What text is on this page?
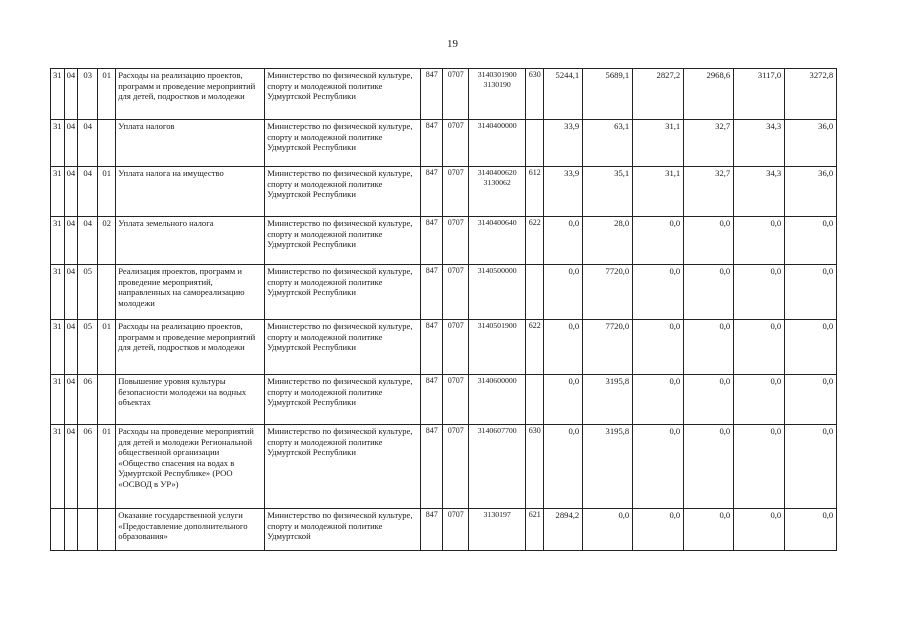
19
31	04	03	01	Расходы на реализацию проектов, программ и проведение мероприятий для детей, подростков и молодежи	Министерство по физической культуре, спорту и молодежной политике Удмуртской Республики	847	0707	3140301900 3130190	630	5244,1	5689,1	2827,2	2968,6	3117,0	3272,8
31	04	04		Уплата налогов	Министерство по физической культуре, спорту и молодежной политике Удмуртской Республики	847	0707	3140400000		33,9	63,1	31,1	32,7	34,3	36,0
31	04	04	01	Уплата налога на имущество	Министерство по физической культуре, спорту и молодежной политике Удмуртской Республики	847	0707	3140400620 3130062	612	33,9	35,1	31,1	32,7	34,3	36,0
31	04	04	02	Уплата земельного налога	Министерство по физической культуре, спорту и молодежной политике Удмуртской Республики	847	0707	3140400640	622	0,0	28,0	0,0	0,0	0,0	0,0
31	04	05		Реализация проектов, программ и проведение мероприятий, направленных на самореализацию молодежи	Министерство по физической культуре, спорту и молодежной политике Удмуртской Республики	847	0707	3140500000		0,0	7720,0	0,0	0,0	0,0	0,0
31	04	05	01	Расходы на реализацию проектов, программ и проведение мероприятий для детей, подростков и молодежи	Министерство по физической культуре, спорту и молодежной политике Удмуртской Республики	847	0707	3140501900	622	0,0	7720,0	0,0	0,0	0,0	0,0
31	04	06		Повышение уровня культуры безопасности молодежи на водных объектах	Министерство по физической культуре, спорту и молодежной политике Удмуртской Республики	847	0707	3140600000		0,0	3195,8	0,0	0,0	0,0	0,0
31	04	06	01	Расходы на проведение мероприятий для детей и молодежи Региональной общественной организации «Общество спасения на водах в Удмуртской Республике» (РОО «ОСВОД в УР»)	Министерство по физической культуре, спорту и молодежной политике Удмуртской Республики	847	0707	3140607700	630	0,0	3195,8	0,0	0,0	0,0	0,0
				Оказание государственной услуги «Предоставление дополнительного образования»	Министерство по физической культуре, спорту и молодежной политике Удмуртской	847	0707	3130197	621	2894,2	0,0	0,0	0,0	0,0	0,0
